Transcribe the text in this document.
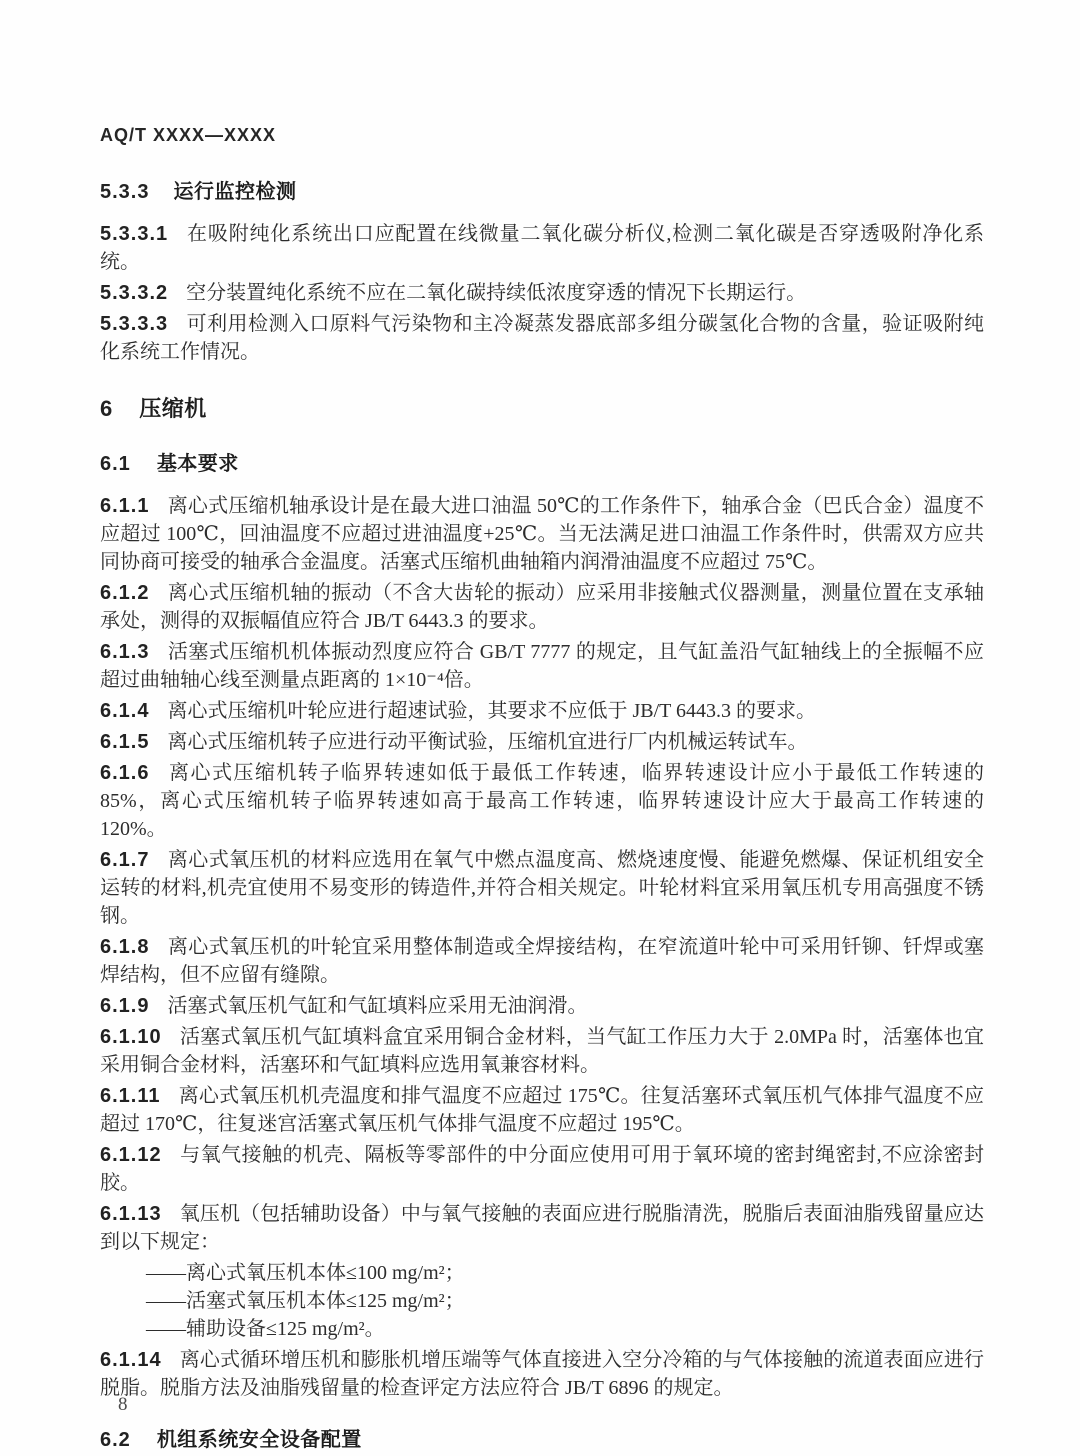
AQ/T XXXX—XXXX
5.3.3 运行监控检测
5.3.3.1 在吸附纯化系统出口应配置在线微量二氧化碳分析仪,检测二氧化碳是否穿透吸附净化系统。
5.3.3.2 空分装置纯化系统不应在二氧化碳持续低浓度穿透的情况下长期运行。
5.3.3.3 可利用检测入口原料气污染物和主冷凝蒸发器底部多组分碳氢化合物的含量，验证吸附纯化系统工作情况。
6 压缩机
6.1 基本要求
6.1.1 离心式压缩机轴承设计是在最大进口油温 50℃的工作条件下，轴承合金（巴氏合金）温度不应超过 100℃，回油温度不应超过进油温度+25℃。当无法满足进口油温工作条件时，供需双方应共同协商可接受的轴承合金温度。活塞式压缩机曲轴箱内润滑油温度不应超过 75℃。
6.1.2 离心式压缩机轴的振动（不含大齿轮的振动）应采用非接触式仪器测量，测量位置在支承轴承处，测得的双振幅值应符合 JB/T 6443.3 的要求。
6.1.3 活塞式压缩机机体振动烈度应符合 GB/T 7777 的规定，且气缸盖沿气缸轴线上的全振幅不应超过曲轴轴心线至测量点距离的 1×10⁻⁴倍。
6.1.4 离心式压缩机叶轮应进行超速试验，其要求不应低于 JB/T 6443.3 的要求。
6.1.5 离心式压缩机转子应进行动平衡试验，压缩机宜进行厂内机械运转试车。
6.1.6 离心式压缩机转子临界转速如低于最低工作转速，临界转速设计应小于最低工作转速的 85%，离心式压缩机转子临界转速如高于最高工作转速，临界转速设计应大于最高工作转速的 120%。
6.1.7 离心式氧压机的材料应选用在氧气中燃点温度高、燃烧速度慢、能避免燃爆、保证机组安全运转的材料,机壳宜使用不易变形的铸造件,并符合相关规定。叶轮材料宜采用氧压机专用高强度不锈钢。
6.1.8 离心式氧压机的叶轮宜采用整体制造或全焊接结构，在窄流道叶轮中可采用钎铆、钎焊或塞焊结构，但不应留有缝隙。
6.1.9 活塞式氧压机气缸和气缸填料应采用无油润滑。
6.1.10 活塞式氧压机气缸填料盒宜采用铜合金材料，当气缸工作压力大于 2.0MPa 时，活塞体也宜采用铜合金材料，活塞环和气缸填料应选用氧兼容材料。
6.1.11 离心式氧压机机壳温度和排气温度不应超过 175℃。往复活塞环式氧压机气体排气温度不应超过 170℃，往复迷宫活塞式氧压机气体排气温度不应超过 195℃。
6.1.12 与氧气接触的机壳、隔板等零部件的中分面应使用可用于氧环境的密封绳密封,不应涂密封胶。
6.1.13 氧压机（包括辅助设备）中与氧气接触的表面应进行脱脂清洗，脱脂后表面油脂残留量应达到以下规定：
——离心式氧压机本体≤100 mg/m²；
——活塞式氧压机本体≤125 mg/m²；
——辅助设备≤125 mg/m²。
6.1.14 离心式循环增压机和膨胀机增压端等气体直接进入空分冷箱的与气体接触的流道表面应进行脱脂。脱脂方法及油脂残留量的检查评定方法应符合 JB/T 6896 的规定。
6.2 机组系统安全设备配置
8
